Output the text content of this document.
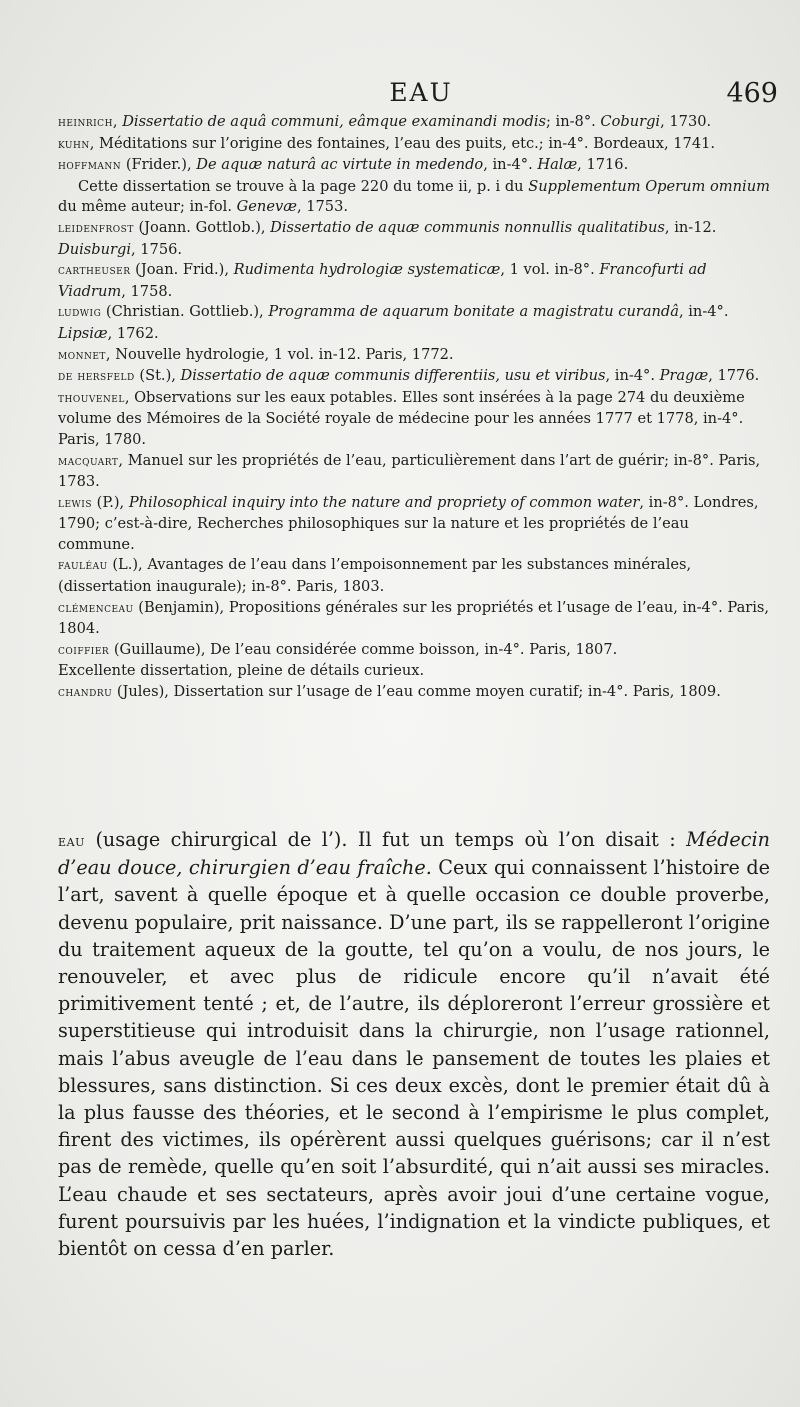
EAU	469

heinrich, Dissertatio de aquâ communi, eâmque examinandi modis; in-8°. Coburgi, 1730.

kuhn, Méditations sur l’origine des fontaines, l’eau des puits, etc.; in-4°. Bordeaux, 1741.

hoffmann (Frider.), De aquæ naturâ ac virtute in medendo, in-4°. Halæ, 1716.

Cette dissertation se trouve à la page 220 du tome ii, p. i du Supplementum Operum omnium du même auteur; in-fol. Genevæ, 1753.

leidenfrost (Joann. Gottlob.), Dissertatio de aquæ communis nonnullis qualitatibus, in-12. Duisburgi, 1756.

cartheuser (Joan. Frid.), Rudimenta hydrologiæ systematicæ, 1 vol. in-8°. Francofurti ad Viadrum, 1758.

ludwig (Christian. Gottlieb.), Programma de aquarum bonitate a magistratu curandâ, in-4°. Lipsiæ, 1762.

monnet, Nouvelle hydrologie, 1 vol. in-12. Paris, 1772.

de hersfeld (St.), Dissertatio de aquæ communis differentiis, usu et viribus, in-4°. Pragæ, 1776.

thouvenel, Observations sur les eaux potables. Elles sont insérées à la page 274 du deuxième volume des Mémoires de la Société royale de médecine pour les années 1777 et 1778, in-4°. Paris, 1780.

macquart, Manuel sur les propriétés de l’eau, particulièrement dans l’art de guérir; in-8°. Paris, 1783.

lewis (P.), Philosophical inquiry into the nature and propriety of common water, in-8°. Londres, 1790; c’est-à-dire, Recherches philosophiques sur la nature et les propriétés de l’eau commune.

fauléau (L.), Avantages de l’eau dans l’empoisonnement par les substances minérales, (dissertation inaugurale); in-8°. Paris, 1803.

clémenceau (Benjamin), Propositions générales sur les propriétés et l’usage de l’eau, in-4°. Paris, 1804.

coiffier (Guillaume), De l’eau considérée comme boisson, in-4°. Paris, 1807.

Excellente dissertation, pleine de détails curieux.

chandru (Jules), Dissertation sur l’usage de l’eau comme moyen curatif; in-4°. Paris, 1809.

eau (usage chirurgical de l’). Il fut un temps où l’on disait : Médecin d’eau douce, chirurgien d’eau fraîche. Ceux qui connaissent l’histoire de l’art, savent à quelle époque et à quelle occasion ce double proverbe, devenu populaire, prit naissance. D’une part, ils se rappelleront l’origine du traitement aqueux de la goutte, tel qu’on a voulu, de nos jours, le renouveler, et avec plus de ridicule encore qu’il n’avait été primitivement tenté ; et, de l’autre, ils déploreront l’erreur grossière et superstitieuse qui introduisit dans la chirurgie, non l’usage rationnel, mais l’abus aveugle de l’eau dans le pansement de toutes les plaies et blessures, sans distinction. Si ces deux excès, dont le premier était dû à la plus fausse des théories, et le second à l’empirisme le plus complet, firent des victimes, ils opérèrent aussi quelques guérisons; car il n’est pas de remède, quelle qu’en soit l’absurdité, qui n’ait aussi ses miracles. L’eau chaude et ses sectateurs, après avoir joui d’une certaine vogue, furent poursuivis par les huées, l’indignation et la vindicte publiques, et bientôt on cessa d’en parler.
